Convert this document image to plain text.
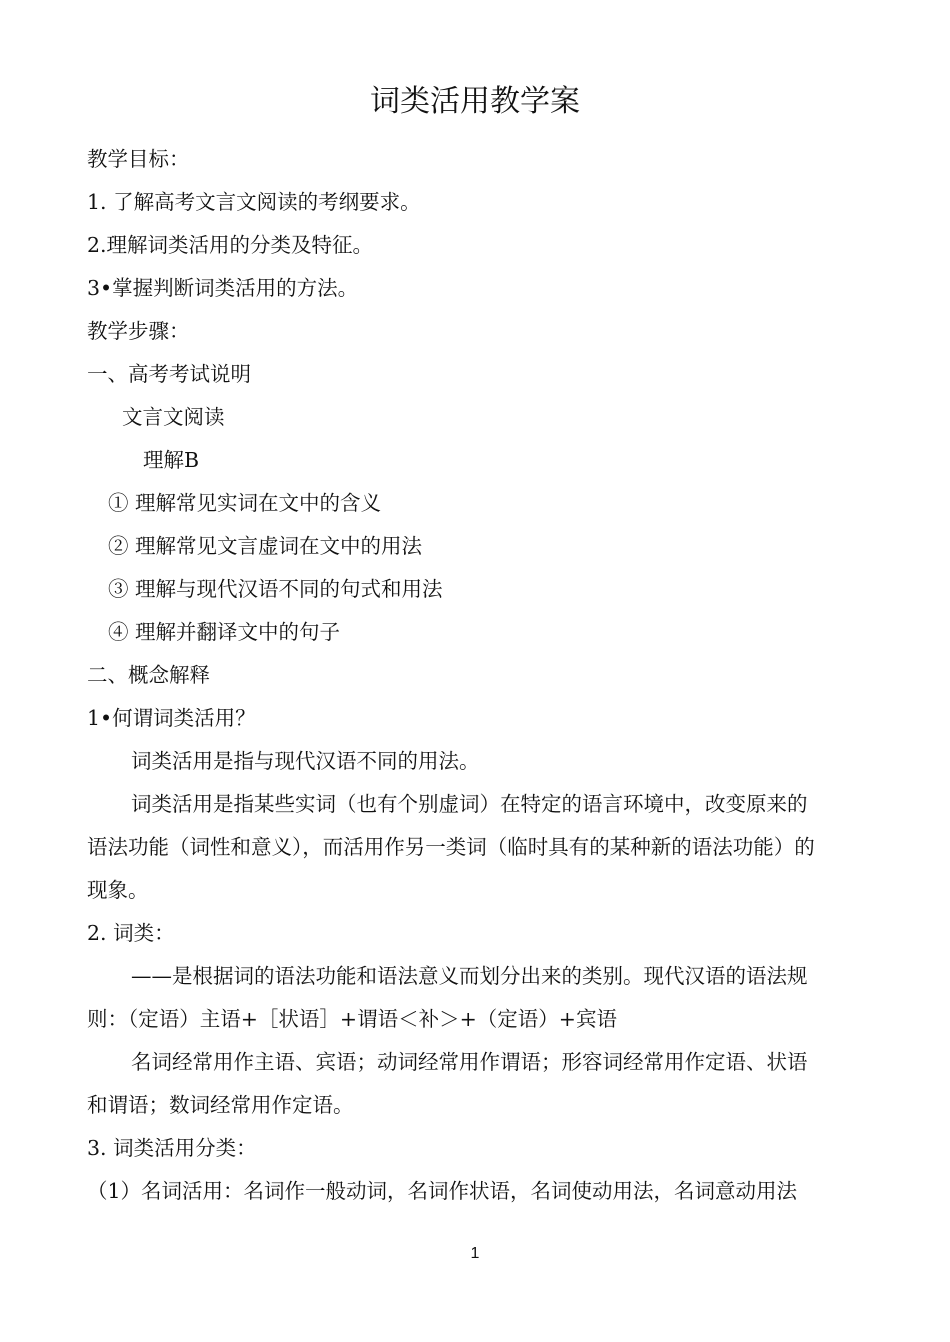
词类活用教学案
教学目标：
1. 了解高考文言文阅读的考纲要求。
2.理解词类活用的分类及特征。
3•掌握判断词类活用的方法。
教学步骤：
一、高考考试说明
文言文阅读
理解B
① 理解常见实词在文中的含义
② 理解常见文言虚词在文中的用法
③ 理解与现代汉语不同的句式和用法
④ 理解并翻译文中的句子
二、概念解释
1•何谓词类活用？
词类活用是指与现代汉语不同的用法。
词类活用是指某些实词（也有个别虚词）在特定的语言环境中，改变原来的
语法功能（词性和意义），而活用作另一类词（临时具有的某种新的语法功能）的
现象。
2. 词类：
——是根据词的语法功能和语法意义而划分出来的类别。现代汉语的语法规
则：（定语）主语+［状语］+谓语＜补＞+（定语）+宾语
名词经常用作主语、宾语；动词经常用作谓语；形容词经常用作定语、状语
和谓语；数词经常用作定语。
3. 词类活用分类：
（1）名词活用：名词作一般动词，名词作状语，名词使动用法，名词意动用法
1
